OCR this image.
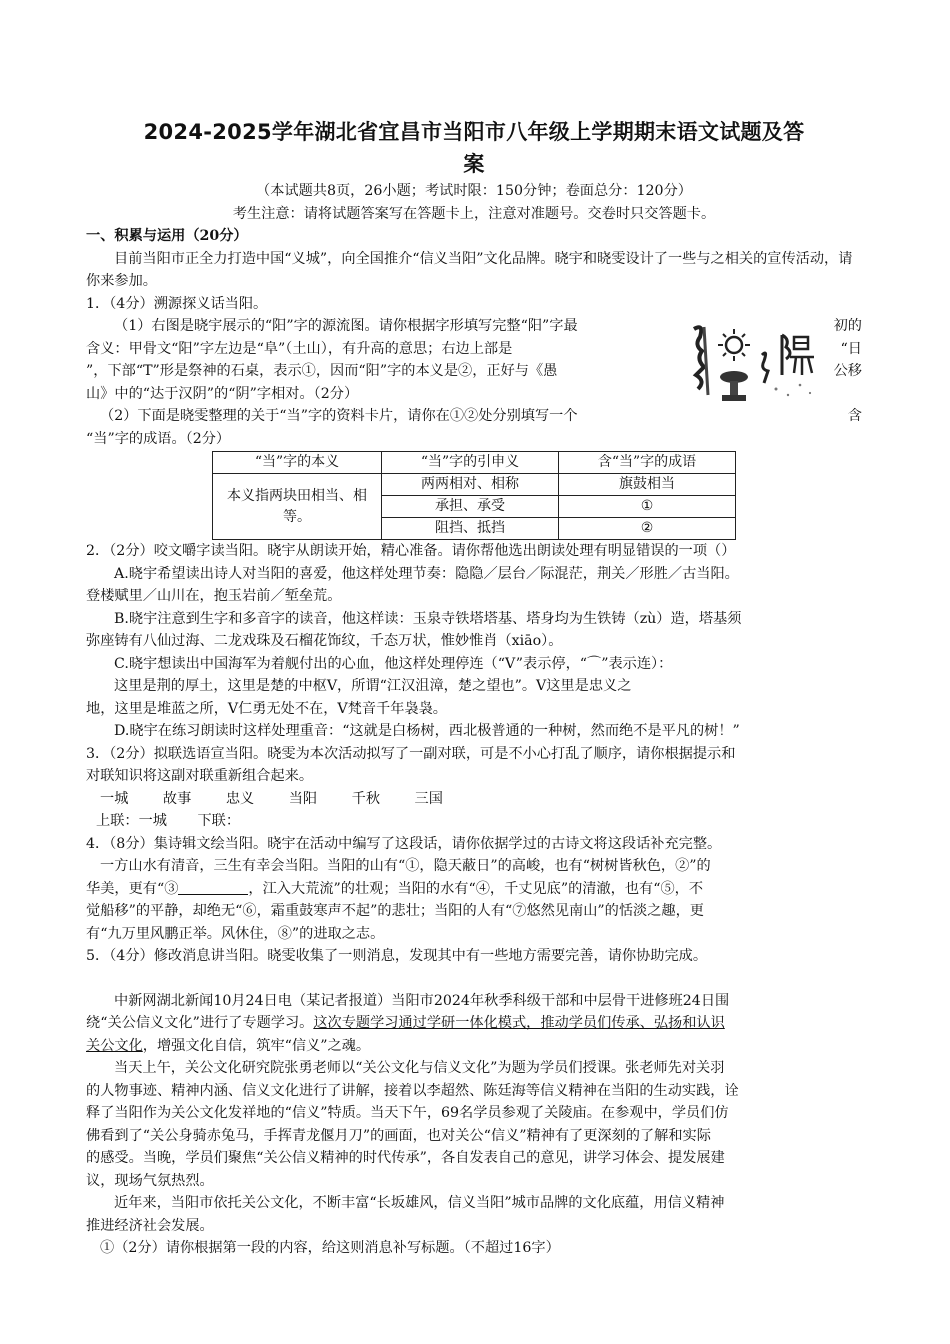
2024-2025学年湖北省宜昌市当阳市八年级上学期期末语文试题及答
案

（本试题共8页，26小题；考试时限：150分钟；卷面总分：120分）

考生注意：请将试题答案写在答题卡上，注意对准题号。交卷时只交答题卡。

一、积累与运用（20分）

目前当阳市正全力打造中国“义城”，向全国推介“信义当阳”文化品牌。晓宇和晓雯设计了一些与之相关的宣传活动，请你来参加。

1．（4分）溯源探义话当阳。

（1）右图是晓宇展示的“阳”字的源流图。请你根据字形填写完整“阳”字最	初的
含义：甲骨文“阳”字左边是“阜”（土山），有升高的意思；右边上部是	“日
”，下部“T”形是祭神的石桌，表示①，因而“阳”字的本义是②，正好与《愚	公移

山》中的“达于汉阴”的“阴”字相对。（2分）

（2）下面是晓雯整理的关于“当”字的资料卡片，请你在①②处分别填写一个	含

“当”字的成语。（2分）

“当”字的本义	“当”字的引申义	含“当”字的成语
本义指两块田相当、相等。	两两相对、相称	旗鼓相当
	承担、承受	①
	阻挡、抵挡	②

2．（2分）咬文嚼字读当阳。晓宇从朗读开始，精心准备。请你帮他选出朗读处理有明显错误的一项（）

A.晓宇希望读出诗人对当阳的喜爱，他这样处理节奏：隐隐／层台／际混茫，荆关／形胜／古当阳。

登楼赋里／山川在，抱玉岩前／堑垒荒。

B.晓宇注意到生字和多音字的读音，他这样读：玉泉寺铁塔塔基、塔身均为生铁铸（zù）造，塔基须

弥座铸有八仙过海、二龙戏珠及石榴花饰纹，千态万状，惟妙惟肖（xiāo）。

C.晓宇想读出中国海军为着舰付出的心血，他这样处理停连（“V”表示停，“⌒”表示连）：

这里是荆的厚土，这里是楚的中枢Ⅴ，所谓“江汉沮漳，楚之望也”。Ⅴ这里是忠义之

地，这里是堆蓝之所，Ⅴ仁勇无处不在，Ⅴ梵音千年袅袅。

D.晓宇在练习朗读时这样处理重音：“这就是白杨树，西北极普通的一种树，然而绝不是平凡的树！”

3．（2分）拟联选语宣当阳。晓雯为本次活动拟写了一副对联，可是不小心打乱了顺序，请你根据提示和

对联知识将这副对联重新组合起来。

一城 故事 忠义 当阳 千秋 三国

上联：一城 下联：

4．（8分）集诗辑文绘当阳。晓宇在活动中编写了这段话，请你依据学过的古诗文将这段话补充完整。

一方山水有清音，三生有幸会当阳。当阳的山有“①，隐天蔽日”的高峻，也有“树树皆秋色，②”的

华美，更有“③	，江入大荒流”的壮观；当阳的水有“④，千丈见底”的清澈，也有“⑤，不

觉船移”的平静，却绝无“⑥，霜重鼓寒声不起”的悲壮；当阳的人有“⑦悠然见南山”的恬淡之趣，更

有“九万里风鹏正举。风休住，⑧”的进取之志。

5．（4分）修改消息讲当阳。晓雯收集了一则消息，发现其中有一些地方需要完善，请你协助完成。

中新网湖北新闻10月24日电（某记者报道）当阳市2024年秋季科级干部和中层骨干进修班24日围

绕“关公信义文化”进行了专题学习。这次专题学习通过学研一体化模式，推动学员们传承、弘扬和认识

关公文化，增强文化自信，筑牢“信义”之魂。

当天上午，关公文化研究院张勇老师以“关公文化与信义文化”为题为学员们授课。张老师先对关羽

的人物事迹、精神内涵、信义文化进行了讲解，接着以李超然、陈廷海等信义精神在当阳的生动实践，诠

释了当阳作为关公文化发祥地的“信义”特质。当天下午，69名学员参观了关陵庙。在参观中，学员们仿

佛看到了“关公身骑赤兔马，手挥青龙偃月刀”的画面，也对关公“信义”精神有了更深刻的了解和实际

的感受。当晚，学员们聚焦“关公信义精神的时代传承”，各自发表自己的意见，讲学习体会、提发展建

议，现场气氛热烈。

近年来，当阳市依托关公文化，不断丰富“长坂雄风，信义当阳”城市品牌的文化底蕴，用信义精神

推进经济社会发展。

①（2分）请你根据第一段的内容，给这则消息补写标题。（不超过16字）
